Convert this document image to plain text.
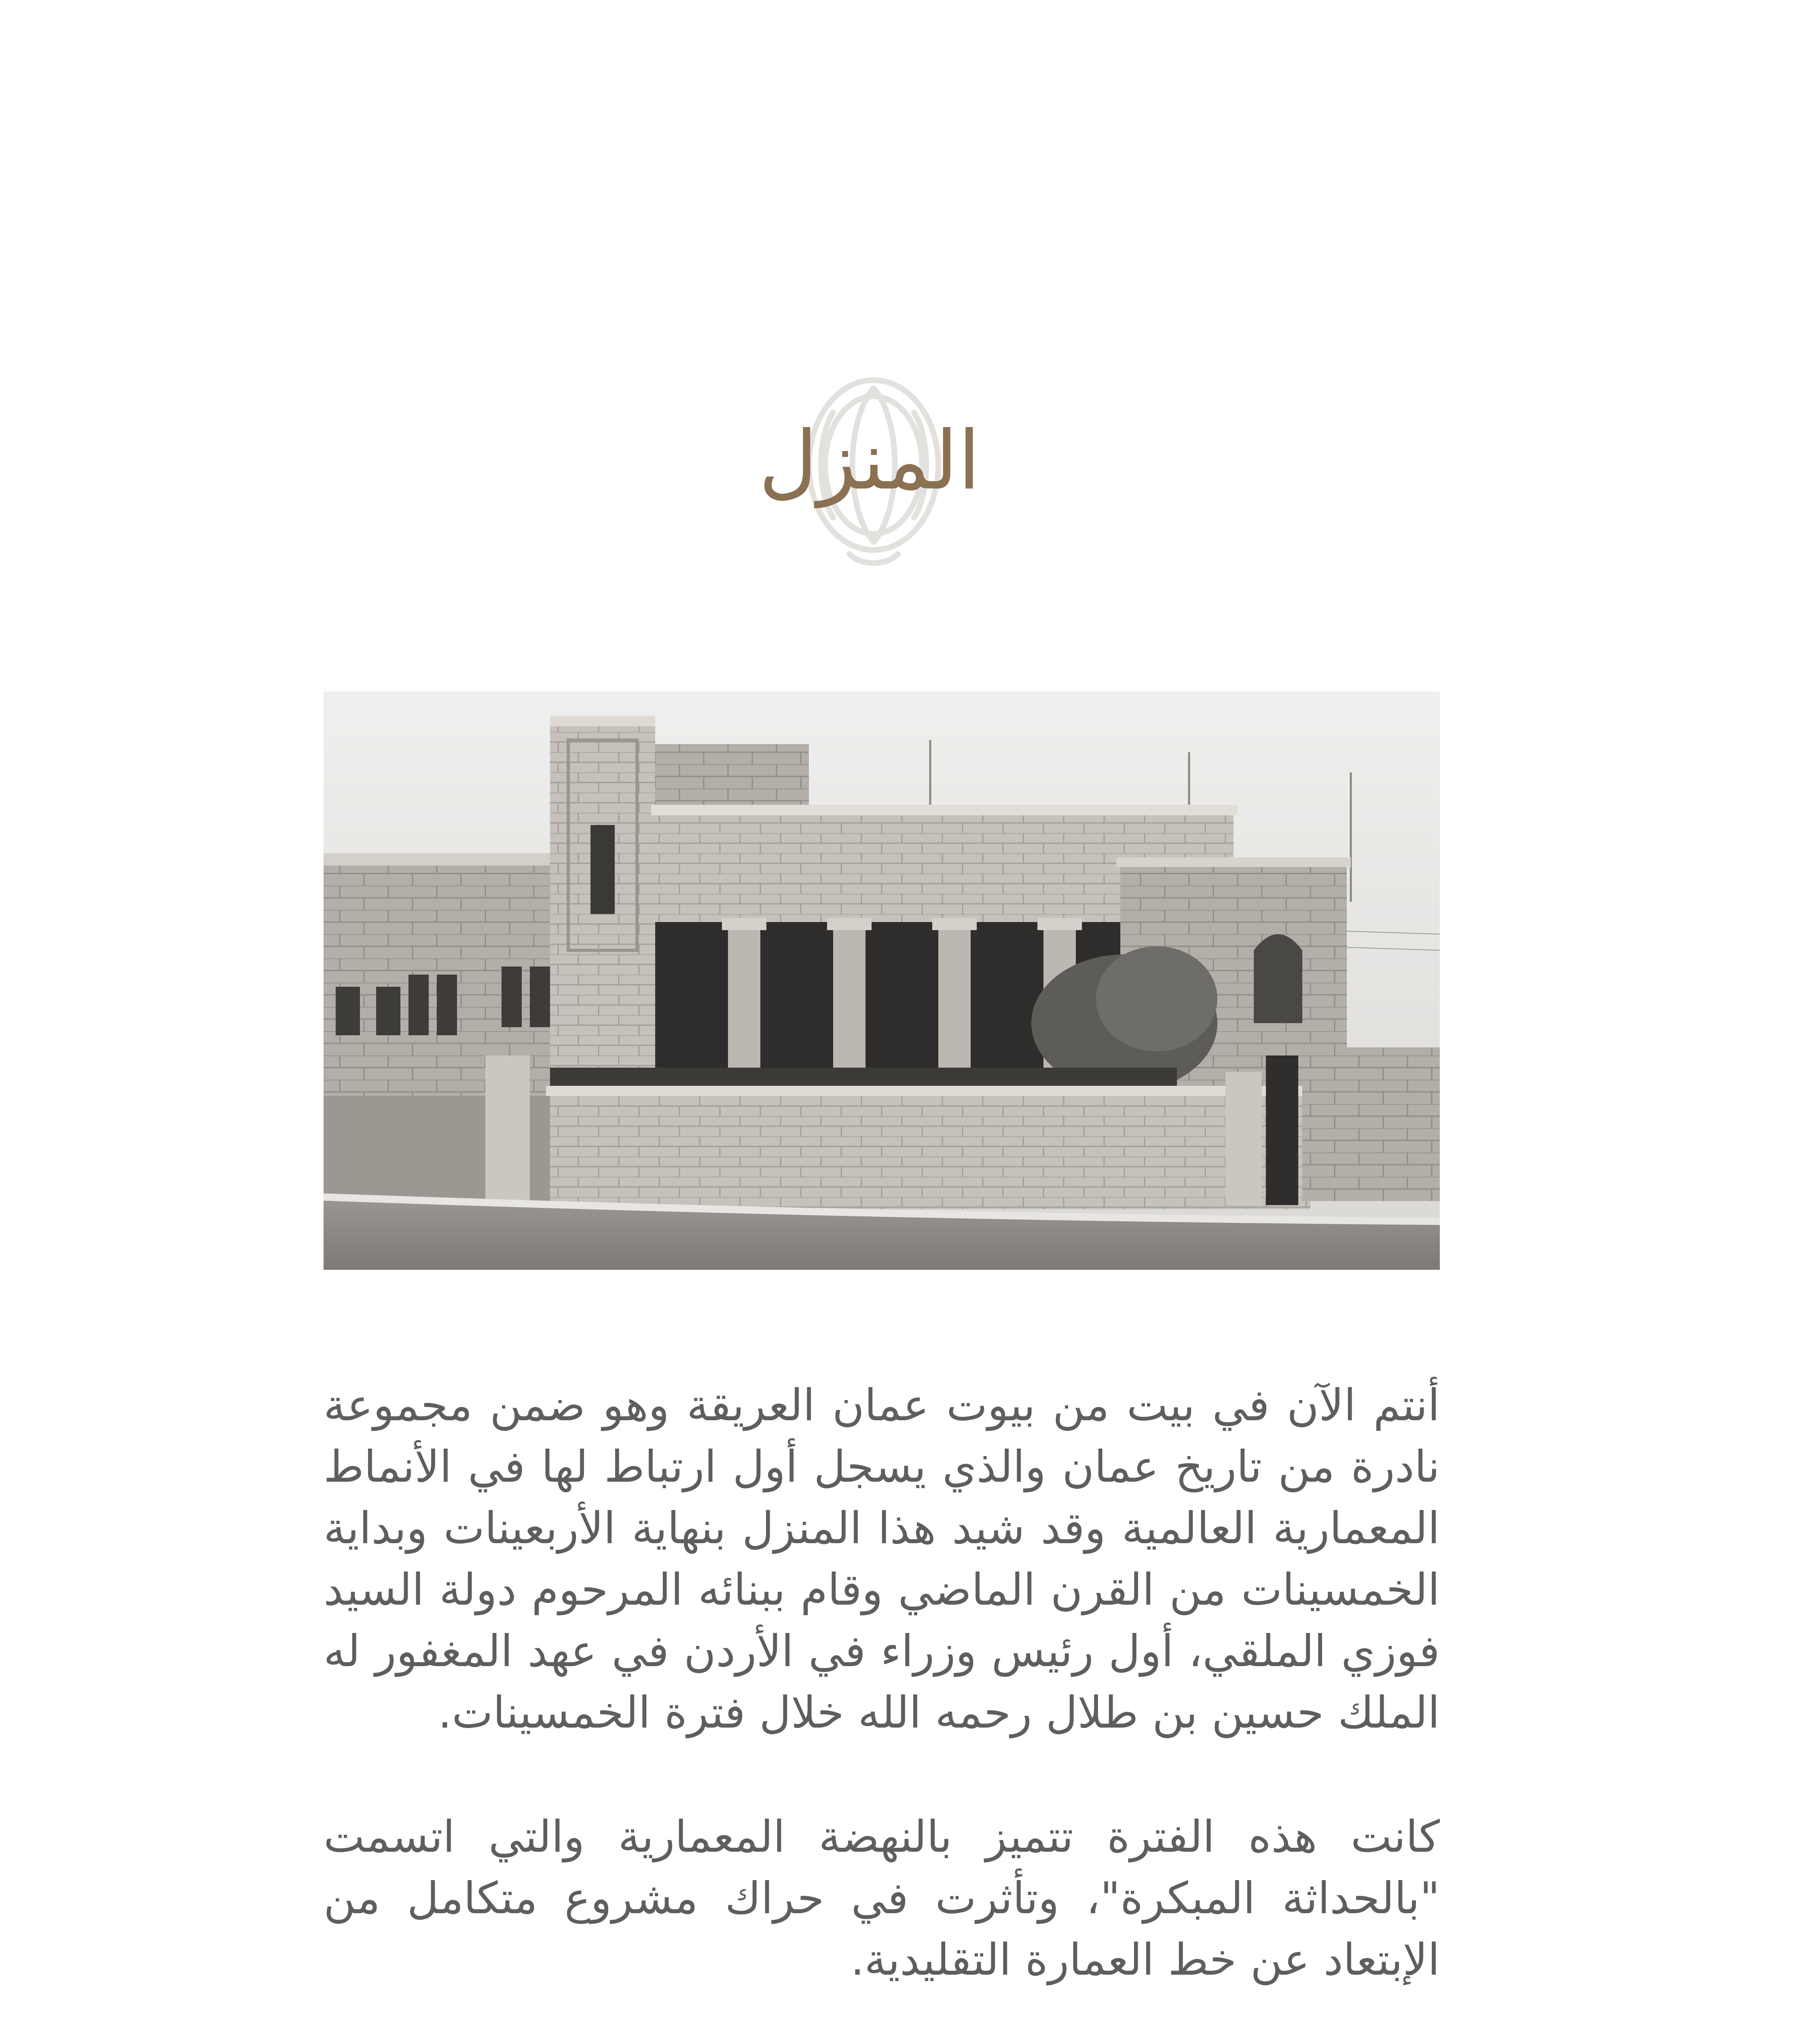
المنزل

أنتم الآن في بيت من بيوت عمان العريقة وهو ضمن مجموعة نادرة من تاريخ عمان والذي يسجل أول ارتباط لها في الأنماط المعمارية العالمية وقد شيد هذا المنزل بنهاية الأربعينات وبداية الخمسينات من القرن الماضي وقام ببنائه المرحوم دولة السيد فوزي الملقي، أول رئيس وزراء في الأردن في عهد المغفور له الملك حسين بن طلال رحمه الله خلال فترة الخمسينات.

كانت هذه الفترة تتميز بالنهضة المعمارية والتي اتسمت "بالحداثة المبكرة"، وتأثرت في حراك مشروع متكامل من الإبتعاد عن خط العمارة التقليدية.
